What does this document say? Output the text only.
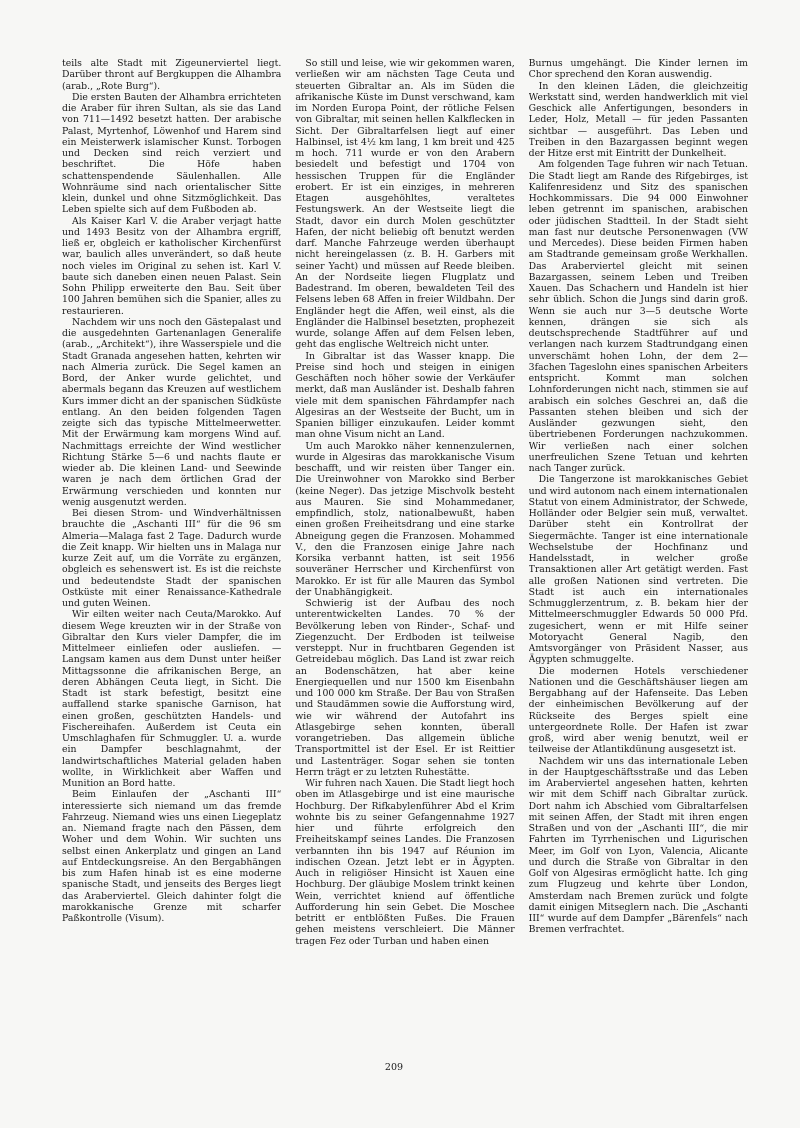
teils alte Stadt mit Zigeunerviertel liegt. Darüber thront auf Bergkuppen die Alhambra (arab., „Rote Burg“).

Die ersten Bauten der Alhambra errichteten die Araber für ihren Sultan, als sie das Land von 711—1492 besetzt hatten. Der arabische Palast, Myrtenhof, Löwenhof und Harem sind ein Meisterwerk islamischer Kunst. Torbogen und Decken sind reich verziert und beschriftet. Die Höfe haben schattenspendende Säulenhallen. Alle Wohnräume sind nach orientalischer Sitte klein, dunkel und ohne Sitzmöglichkeit. Das Leben spielte sich auf dem Fußboden ab.

Als Kaiser Karl V. die Araber verjagt hatte und 1493 Besitz von der Alhambra ergriff, ließ er, obgleich er katholischer Kirchenfürst war, baulich alles unverändert, so daß heute noch vieles im Original zu sehen ist. Karl V. baute sich daneben einen neuen Palast. Sein Sohn Philipp erweiterte den Bau. Seit über 100 Jahren bemühen sich die Spanier, alles zu restaurieren.

Nachdem wir uns noch den Gästepalast und die ausgedehnten Gartenanlagen Generalife (arab., „Architekt“), ihre Wasserspiele und die Stadt Granada angesehen hatten, kehrten wir nach Almeria zurück. Die Segel kamen an Bord, der Anker wurde gelichtet, und abermals begann das Kreuzen auf westlichem Kurs immer dicht an der spanischen Südküste entlang. An den beiden folgenden Tagen zeigte sich das typische Mittelmeerwetter. Mit der Erwärmung kam morgens Wind auf. Nachmittags erreichte der Wind westlicher Richtung Stärke 5—6 und nachts flaute er wieder ab. Die kleinen Land- und Seewinde waren je nach dem örtlichen Grad der Erwärmung verschieden und konnten nur wenig ausgenutzt werden.

Bei diesen Strom- und Windverhältnissen brauchte die „Aschanti III“ für die 96 sm Almeria—Malaga fast 2 Tage. Dadurch wurde die Zeit knapp. Wir hielten uns in Malaga nur kurze Zeit auf, um die Vorräte zu ergänzen, obgleich es sehenswert ist. Es ist die reichste und bedeutendste Stadt der spanischen Ostküste mit einer Renaissance-Kathedrale und guten Weinen.

Wir eilten weiter nach Ceuta/Marokko. Auf diesem Wege kreuzten wir in der Straße von Gibraltar den Kurs vieler Dampfer, die im Mittelmeer einliefen oder ausliefen. — Langsam kamen aus dem Dunst unter heißer Mittagssonne die afrikanischen Berge, an deren Abhängen Ceuta liegt, in Sicht. Die Stadt ist stark befestigt, besitzt eine auffallend starke spanische Garnison, hat einen großen, geschützten Handels- und Fischereihafen. Außerdem ist Ceuta ein Umschlaghafen für Schmuggler. U. a. wurde ein Dampfer beschlagnahmt, der landwirtschaftliches Material geladen haben wollte, in Wirklichkeit aber Waffen und Munition an Bord hatte.

Beim Einlaufen der „Aschanti III“ interessierte sich niemand um das fremde Fahrzeug. Niemand wies uns einen Liegeplatz an. Niemand fragte nach den Pässen, dem Woher und dem Wohin. Wir suchten uns selbst einen Ankerplatz und gingen an Land auf Entdeckungsreise. An den Bergabhängen bis zum Hafen hinab ist es eine moderne spanische Stadt, und jenseits des Berges liegt das Araberviertel. Gleich dahinter folgt die marokkanische Grenze mit scharfer Paßkontrolle (Visum).

So still und leise, wie wir gekommen waren, verließen wir am nächsten Tage Ceuta und steuerten Gibraltar an. Als im Süden die afrikanische Küste im Dunst verschwand, kam im Norden Europa Point, der rötliche Felsen von Gibraltar, mit seinen hellen Kalkflecken in Sicht. Der Gibraltarfelsen liegt auf einer Halbinsel, ist 4½ km lang, 1 km breit und 425 m hoch. 711 wurde er von den Arabern besiedelt und befestigt und 1704 von hessischen Truppen für die Engländer erobert. Er ist ein einziges, in mehreren Etagen ausgehöhltes, veraltetes Festungswerk. An der Westseite liegt die Stadt, davor ein durch Molen geschützter Hafen, der nicht beliebig oft benutzt werden darf. Manche Fahrzeuge werden überhaupt nicht hereingelassen (z. B. H. Garbers mit seiner Yacht) und müssen auf Reede bleiben. An der Nordseite liegen Flugplatz und Badestrand. Im oberen, bewaldeten Teil des Felsens leben 68 Affen in freier Wildbahn. Der Engländer hegt die Affen, weil einst, als die Engländer die Halbinsel besetzten, prophezeit wurde, solange Affen auf dem Felsen leben, geht das englische Weltreich nicht unter.

In Gibraltar ist das Wasser knapp. Die Preise sind hoch und steigen in einigen Geschäften noch höher sowie der Verkäufer merkt, daß man Ausländer ist. Deshalb fahren viele mit dem spanischen Fährdampfer nach Algesiras an der Westseite der Bucht, um in Spanien billiger einzukaufen. Leider kommt man ohne Visum nicht an Land.

Um auch Marokko näher kennenzulernen, wurde in Algesiras das marokkanische Visum beschafft, und wir reisten über Tanger ein. Die Ureinwohner von Marokko sind Berber (keine Neger). Das jetzige Mischvolk besteht aus Mauren. Sie sind Mohammedaner, empfindlich, stolz, nationalbewußt, haben einen großen Freiheitsdrang und eine starke Abneigung gegen die Franzosen. Mohammed V., den die Franzosen einige Jahre nach Korsika verbannt hatten, ist seit 1956 souveräner Herrscher und Kirchenfürst von Marokko. Er ist für alle Mauren das Symbol der Unabhängigkeit.

Schwierig ist der Aufbau des noch unterentwickelten Landes. 70 % der Bevölkerung leben von Rinder-, Schaf- und Ziegenzucht. Der Erdboden ist teilweise versteppt. Nur in fruchtbaren Gegenden ist Getreidebau möglich. Das Land ist zwar reich an Bodenschätzen, hat aber keine Energiequellen und nur 1500 km Eisenbahn und 100 000 km Straße. Der Bau von Straßen und Staudämmen sowie die Aufforstung wird, wie wir während der Autofahrt ins Atlasgebirge sehen konnten, überall vorangetrieben. Das allgemein übliche Transportmittel ist der Esel. Er ist Reittier und Lastenträger. Sogar sehen sie tonten Herrn trägt er zu letzten Ruhestätte.

Wir fuhren nach Xauen. Die Stadt liegt hoch oben im Atlasgebirge und ist eine maurische Hochburg. Der Rifkabylenführer Abd el Krim wohnte bis zu seiner Gefangennahme 1927 hier und führte erfolgreich den Freiheitskampf seines Landes. Die Franzosen verbannten ihn bis 1947 auf Réunion im indischen Ozean. Jetzt lebt er in Ägypten. Auch in religiöser Hinsicht ist Xauen eine Hochburg. Der gläubige Moslem trinkt keinen Wein, verrichtet kniend auf öffentliche Aufforderung hin sein Gebet. Die Moschee betritt er entblößten Fußes. Die Frauen gehen meistens verschleiert. Die Männer tragen Fez oder Turban und haben einen

Burnus umgehängt. Die Kinder lernen im Chor sprechend den Koran auswendig.

In den kleinen Läden, die gleichzeitig Werkstatt sind, werden handwerklich mit viel Geschick alle Anfertigungen, besonders in Leder, Holz, Metall — für jeden Passanten sichtbar — ausgeführt. Das Leben und Treiben in den Bazargassen beginnt wegen der Hitze erst mit Eintritt der Dunkelheit.

Am folgenden Tage fuhren wir nach Tetuan. Die Stadt liegt am Rande des Rifgebirges, ist Kalifenresidenz und Sitz des spanischen Hochkommissars. Die 94 000 Einwohner leben getrennt im spanischen, arabischen oder jüdischen Stadtteil. In der Stadt sieht man fast nur deutsche Personenwagen (VW und Mercedes). Diese beiden Firmen haben am Stadtrande gemeinsam große Werkhallen. Das Araberviertel gleicht mit seinen Bazargassen, seinem Leben und Treiben Xauen. Das Schachern und Handeln ist hier sehr üblich. Schon die Jungs sind darin groß. Wenn sie auch nur 3—5 deutsche Worte kennen, drängen sie sich als deutschsprechende Stadtführer auf und verlangen nach kurzem Stadtrundgang einen unverschämt hohen Lohn, der dem 2—3fachen Tageslohn eines spanischen Arbeiters entspricht. Kommt man solchen Lohnforderungen nicht nach, stimmen sie auf arabisch ein solches Geschrei an, daß die Passanten stehen bleiben und sich der Ausländer gezwungen sieht, den übertriebenen Forderungen nachzukommen. Wir verließen nach einer solchen unerfreulichen Szene Tetuan und kehrten nach Tanger zurück.

Die Tangerzone ist marokkanisches Gebiet und wird autonom nach einem internationalen Statut von einem Administrator, der Schwede, Holländer oder Belgier sein muß, verwaltet. Darüber steht ein Kontrollrat der Siegermächte. Tanger ist eine internationale Wechselstube der Hochfinanz und Handelsstadt, in welcher große Transaktionen aller Art getätigt werden. Fast alle großen Nationen sind vertreten. Die Stadt ist auch ein internationales Schmugglerzentrum, z. B. bekam hier der Mittelmeerschmuggler Edwards 50 000 Pfd. zugesichert, wenn er mit Hilfe seiner Motoryacht General Nagib, den Amtsvorgänger von Präsident Nasser, aus Ägypten schmuggelte.

Die modernen Hotels verschiedener Nationen und die Geschäftshäuser liegen am Bergabhang auf der Hafenseite. Das Leben der einheimischen Bevölkerung auf der Rückseite des Berges spielt eine untergeordnete Rolle. Der Hafen ist zwar groß, wird aber wenig benutzt, weil er teilweise der Atlantikdünung ausgesetzt ist.

Nachdem wir uns das internationale Leben in der Hauptgeschäftsstraße und das Leben im Araberviertel angesehen hatten, kehrten wir mit dem Schiff nach Gibraltar zurück. Dort nahm ich Abschied vom Gibraltarfelsen mit seinen Affen, der Stadt mit ihren engen Straßen und von der „Aschanti III“, die mir Fahrten im Tyrrhenischen und Ligurischen Meer, im Golf von Lyon, Valencia, Alicante und durch die Straße von Gibraltar in den Golf von Algesiras ermöglicht hatte. Ich ging zum Flugzeug und kehrte über London, Amsterdam nach Bremen zurück und folgte damit einigen Mitseglern nach. Die „Aschanti III“ wurde auf dem Dampfer „Bärenfels“ nach Bremen verfrachtet.

209
